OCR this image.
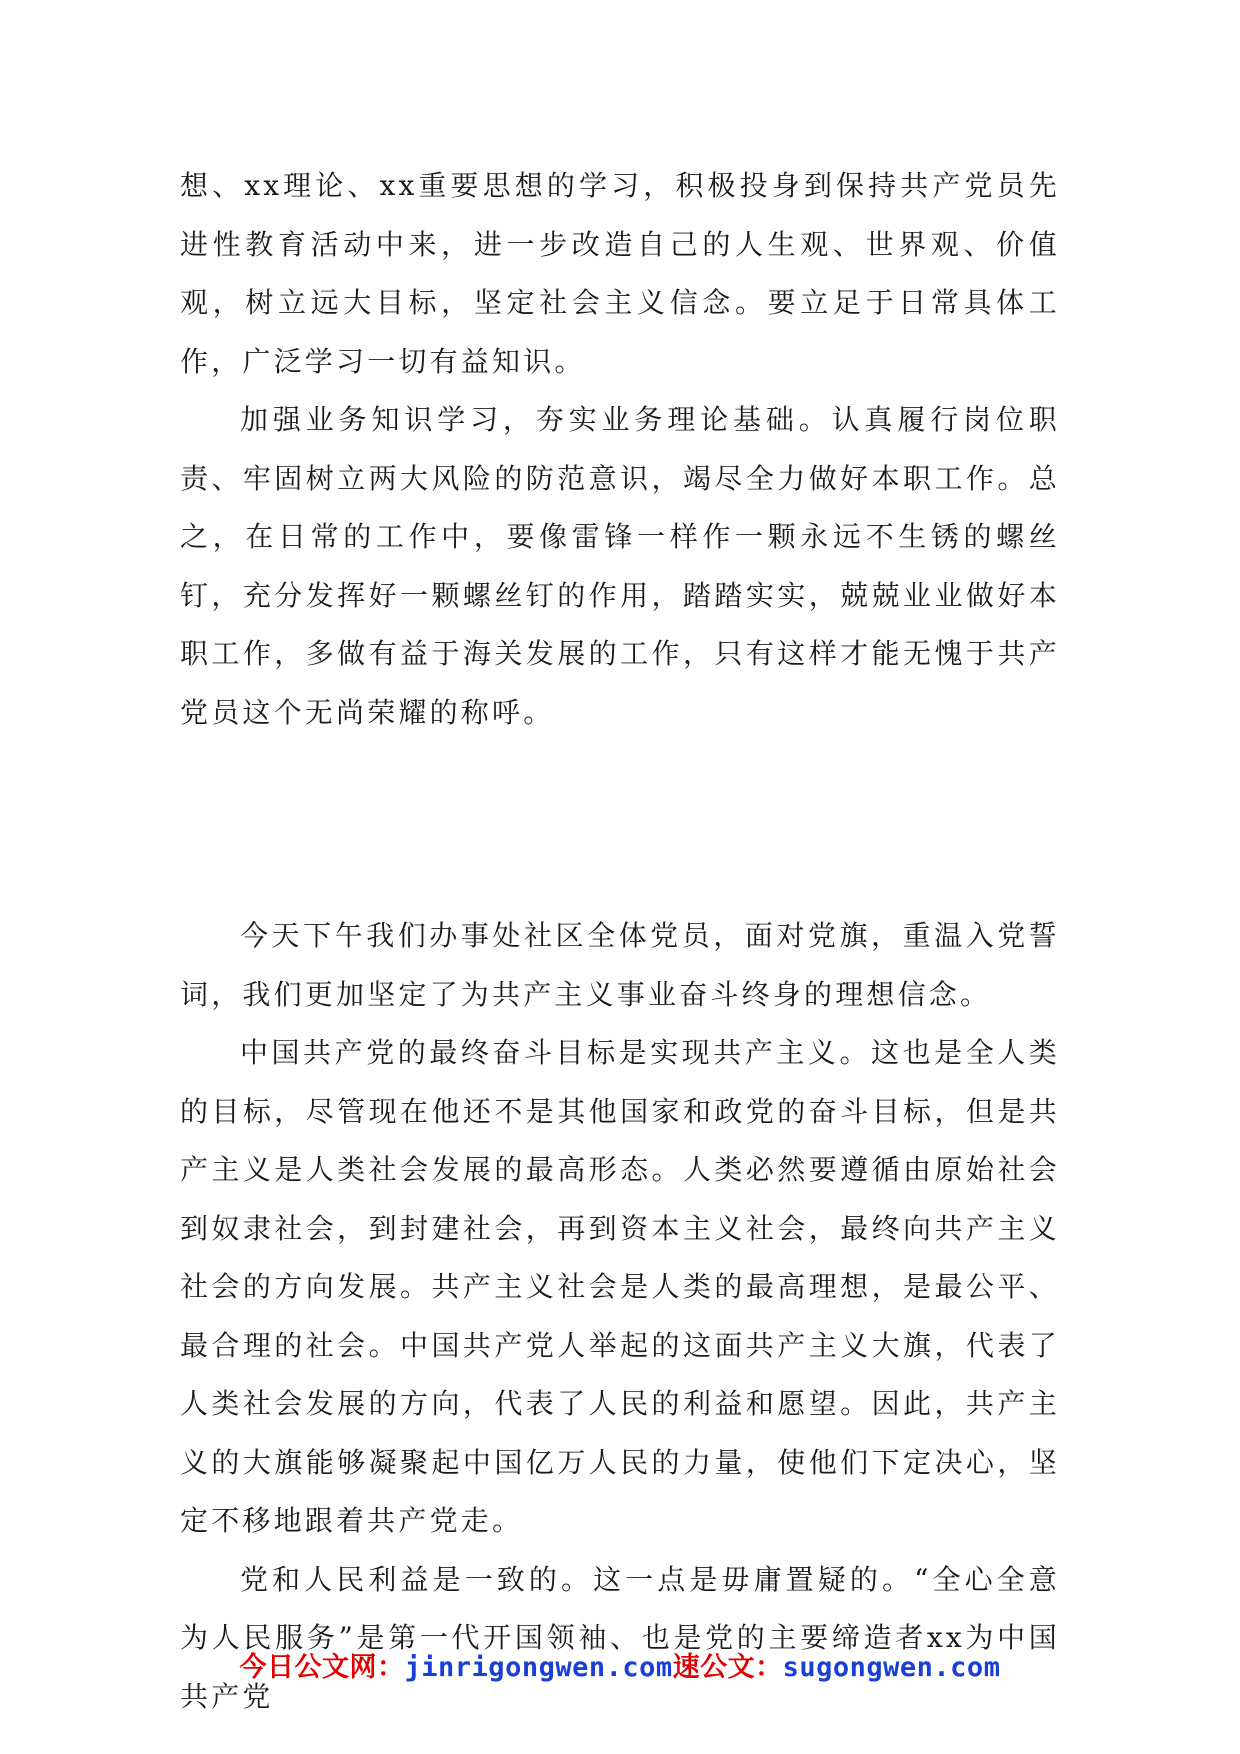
想、xx理论、xx重要思想的学习，积极投身到保持共产党员先进性教育活动中来，进一步改造自己的人生观、世界观、价值观，树立远大目标，坚定社会主义信念。要立足于日常具体工作，广泛学习一切有益知识。

加强业务知识学习，夯实业务理论基础。认真履行岗位职责、牢固树立两大风险的防范意识，竭尽全力做好本职工作。总之，在日常的工作中，要像雷锋一样作一颗永远不生锈的螺丝钉，充分发挥好一颗螺丝钉的作用，踏踏实实，兢兢业业做好本职工作，多做有益于海关发展的工作，只有这样才能无愧于共产党员这个无尚荣耀的称呼。

今天下午我们办事处社区全体党员，面对党旗，重温入党誓词，我们更加坚定了为共产主义事业奋斗终身的理想信念。

中国共产党的最终奋斗目标是实现共产主义。这也是全人类的目标，尽管现在他还不是其他国家和政党的奋斗目标，但是共产主义是人类社会发展的最高形态。人类必然要遵循由原始社会到奴隶社会，到封建社会，再到资本主义社会，最终向共产主义社会的方向发展。共产主义社会是人类的最高理想，是最公平、最合理的社会。中国共产党人举起的这面共产主义大旗，代表了人类社会发展的方向，代表了人民的利益和愿望。因此，共产主义的大旗能够凝聚起中国亿万人民的力量，使他们下定决心，坚定不移地跟着共产党走。

党和人民利益是一致的。这一点是毋庸置疑的。“全心全意为人民服务”是第一代开国领袖、也是党的主要缔造者xx为中国共产党

今日公文网：jinrigongwen.com速公文：sugongwen.com
